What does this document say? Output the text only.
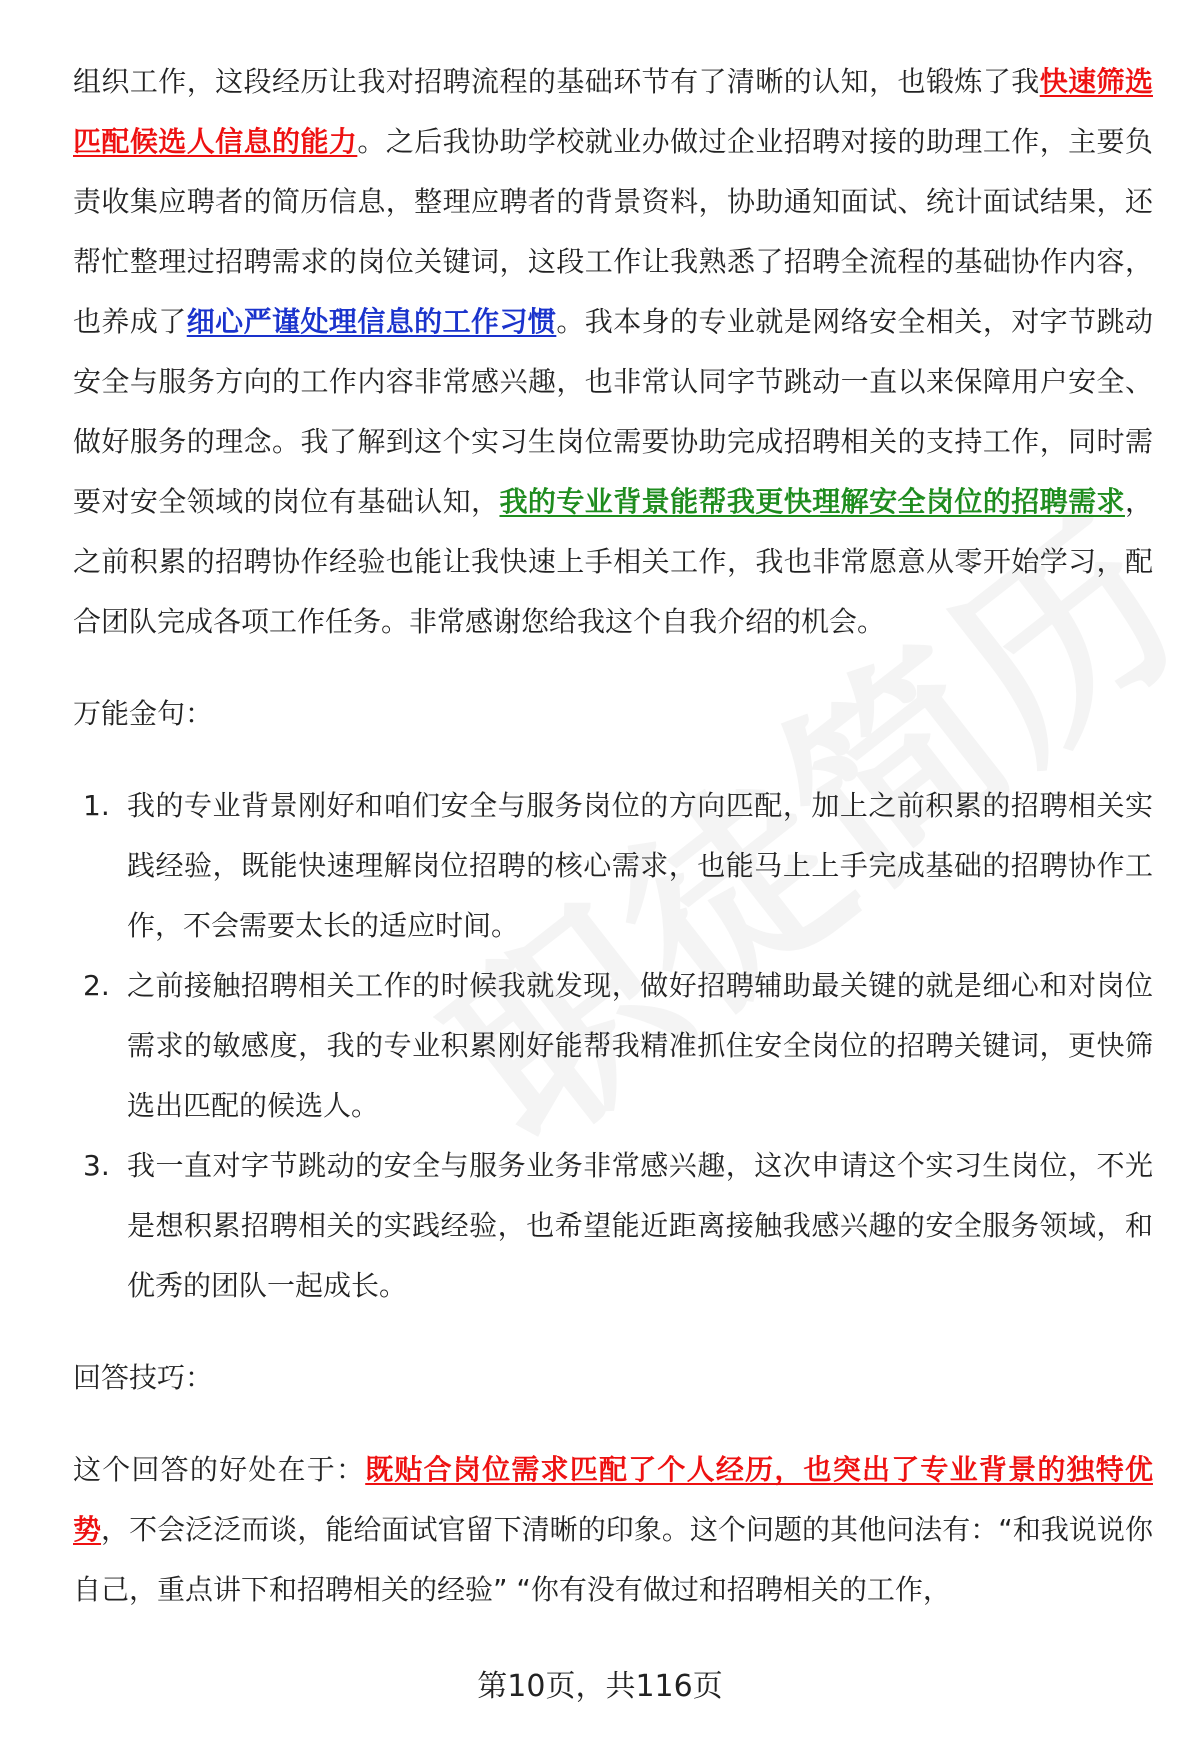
组织工作，这段经历让我对招聘流程的基础环节有了清晰的认知，也锻炼了我快速筛选匹配候选人信息的能力。之后我协助学校就业办做过企业招聘对接的助理工作，主要负责收集应聘者的简历信息，整理应聘者的背景资料，协助通知面试、统计面试结果，还帮忙整理过招聘需求的岗位关键词，这段工作让我熟悉了招聘全流程的基础协作内容，也养成了细心严谨处理信息的工作习惯。我本身的专业就是网络安全相关，对字节跳动安全与服务方向的工作内容非常感兴趣，也非常认同字节跳动一直以来保障用户安全、做好服务的理念。我了解到这个实习生岗位需要协助完成招聘相关的支持工作，同时需要对安全领域的岗位有基础认知，我的专业背景能帮我更快理解安全岗位的招聘需求，之前积累的招聘协作经验也能让我快速上手相关工作，我也非常愿意从零开始学习，配合团队完成各项工作任务。非常感谢您给我这个自我介绍的机会。

万能金句：

1. 我的专业背景刚好和咱们安全与服务岗位的方向匹配，加上之前积累的招聘相关实践经验，既能快速理解岗位招聘的核心需求，也能马上上手完成基础的招聘协作工作，不会需要太长的适应时间。
2. 之前接触招聘相关工作的时候我就发现，做好招聘辅助最关键的就是细心和对岗位需求的敏感度，我的专业积累刚好能帮我精准抓住安全岗位的招聘关键词，更快筛选出匹配的候选人。
3. 我一直对字节跳动的安全与服务业务非常感兴趣，这次申请这个实习生岗位，不光是想积累招聘相关的实践经验，也希望能近距离接触我感兴趣的安全服务领域，和优秀的团队一起成长。

回答技巧：

这个回答的好处在于：既贴合岗位需求匹配了个人经历，也突出了专业背景的独特优势，不会泛泛而谈，能给面试官留下清晰的印象。这个问题的其他问法有：“和我说说你自己，重点讲下和招聘相关的经验” “你有没有做过和招聘相关的工作，

第10页，共116页
